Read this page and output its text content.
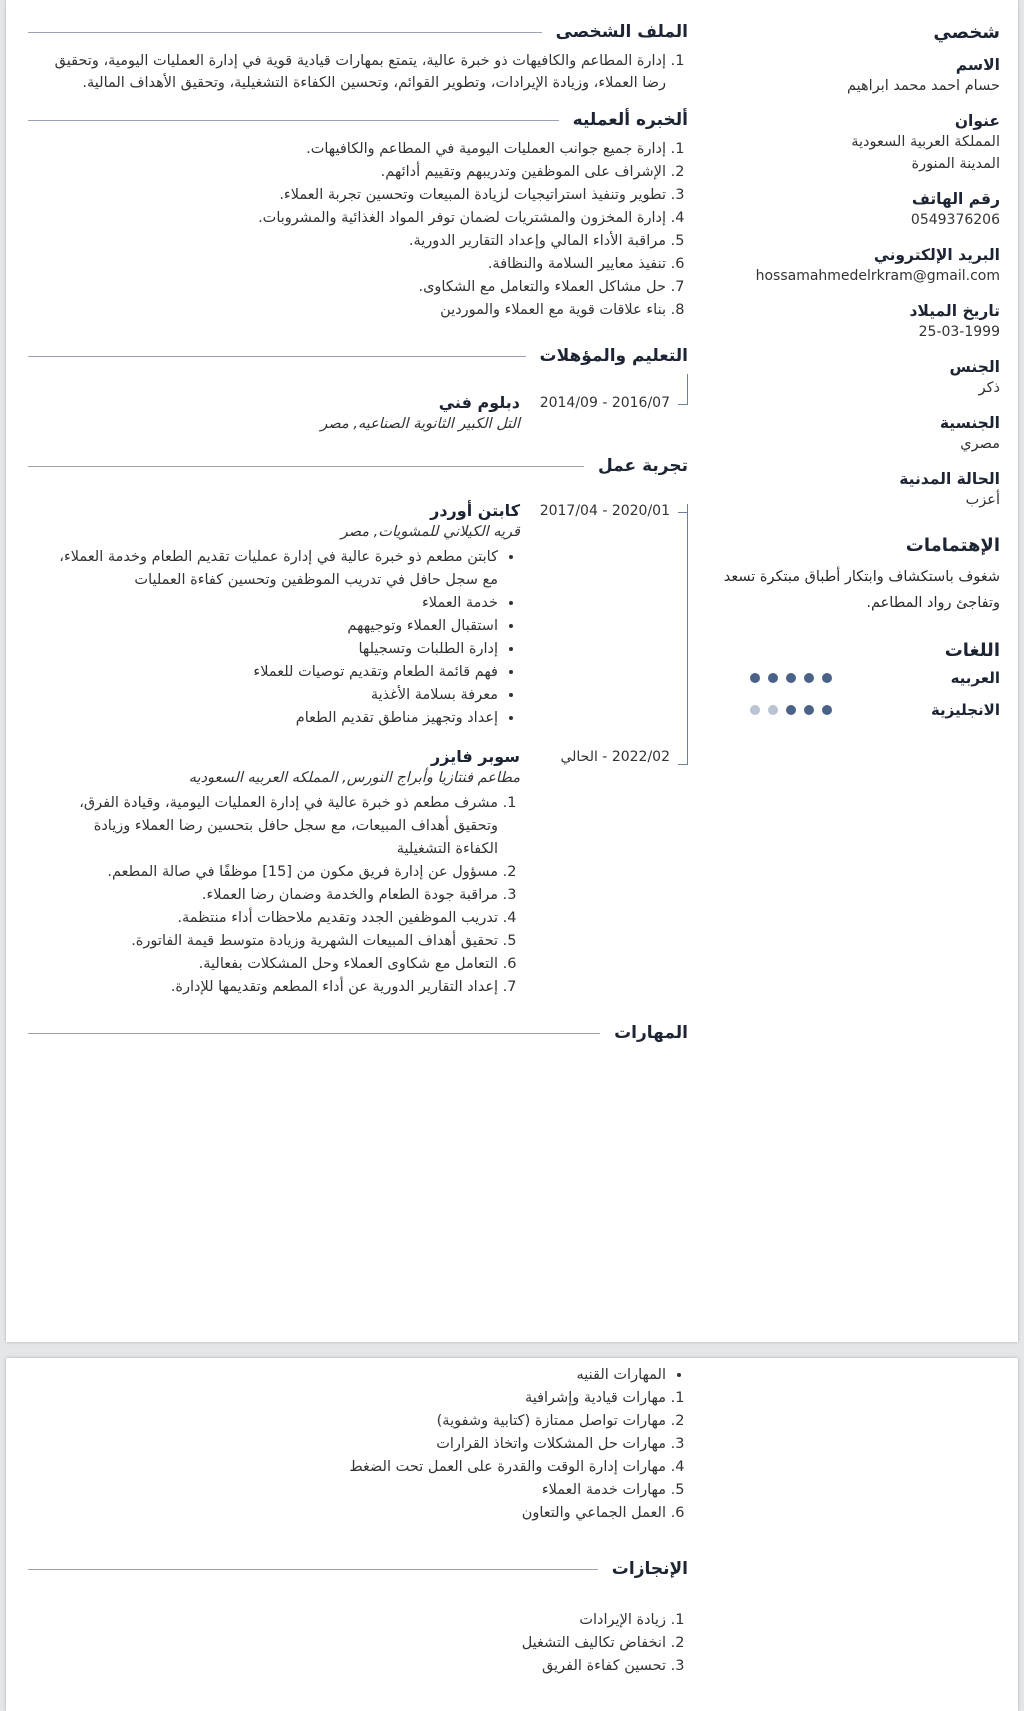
شخصي
الاسم
حسام احمد محمد ابراهيم
عنوان
المملكة العربية السعودية
المدينة المنورة
رقم الهاتف
0549376206
البريد الإلكتروني
hossamahmedelrkram@gmail.com
تاريخ الميلاد
25-03-1999
الجنس
ذكر
الجنسية
مصري
الحالة المدنية
أعزب
الإهتمامات
شغوف باستكشاف وابتكار أطباق مبتكرة تسعد وتفاجئ رواد المطاعم.
اللغات
العربيه
الانجليزية
الملف الشخصى
1. إدارة المطاعم والكافيهات ذو خبرة عالية، يتمتع بمهارات قيادية قوية في إدارة العمليات اليومية، وتحقيق رضا العملاء، وزيادة الإيرادات، وتطوير القوائم، وتحسين الكفاءة التشغيلية، وتحقيق الأهداف المالية.
ألخبره ألعمليه
1. إدارة جميع جوانب العمليات اليومية في المطاعم والكافيهات.
2. الإشراف على الموظفين وتدريبهم وتقييم أدائهم.
3. تطوير وتنفيذ استراتيجيات لزيادة المبيعات وتحسين تجربة العملاء.
4. إدارة المخزون والمشتريات لضمان توفر المواد الغذائية والمشروبات.
5. مراقبة الأداء المالي وإعداد التقارير الدورية.
6. تنفيذ معايير السلامة والنظافة.
7. حل مشاكل العملاء والتعامل مع الشكاوى.
8. بناء علاقات قوية مع العملاء والموردين
التعليم والمؤهلات
2016/07 - 2014/09
دبلوم فني
التل الكبير الثانوية الصناعيه, مصر
تجربة عمل
2020/01 - 2017/04
كابتن أوردر
قريه الكيلاني للمشويات, مصر
• كابتن مطعم ذو خبرة عالية في إدارة عمليات تقديم الطعام وخدمة العملاء، مع سجل حافل في تدريب الموظفين وتحسين كفاءة العمليات
• خدمة العملاء
• استقبال العملاء وتوجيههم
• إدارة الطلبات وتسجيلها
• فهم قائمة الطعام وتقديم توصيات للعملاء
• معرفة بسلامة الأغذية
• إعداد وتجهيز مناطق تقديم الطعام
2022/02 - الحالي
سوبر فايزر
مطاعم فنتازيا وأبراج النورس, المملكه العربيه السعوديه
1. مشرف مطعم ذو خبرة عالية في إدارة العمليات اليومية، وقيادة الفرق، وتحقيق أهداف المبيعات، مع سجل حافل بتحسين رضا العملاء وزيادة الكفاءة التشغيلية
2. مسؤول عن إدارة فريق مكون من [15] موظفًا في صالة المطعم.
3. مراقبة جودة الطعام والخدمة وضمان رضا العملاء.
4. تدريب الموظفين الجدد وتقديم ملاحظات أداء منتظمة.
5. تحقيق أهداف المبيعات الشهرية وزيادة متوسط قيمة الفاتورة.
6. التعامل مع شكاوى العملاء وحل المشكلات بفعالية.
7. إعداد التقارير الدورية عن أداء المطعم وتقديمها للإدارة.
المهارات
• المهارات القنيه
1. مهارات قيادية وإشرافية
2. مهارات تواصل ممتازة (كتابية وشفوية)
3. مهارات حل المشكلات واتخاذ القرارات
4. مهارات إدارة الوقت والقدرة على العمل تحت الضغط
5. مهارات خدمة العملاء
6. العمل الجماعي والتعاون
الإنجازات
1. زيادة الإيرادات
2. انخفاض تكاليف التشغيل
3. تحسين كفاءة الفريق
